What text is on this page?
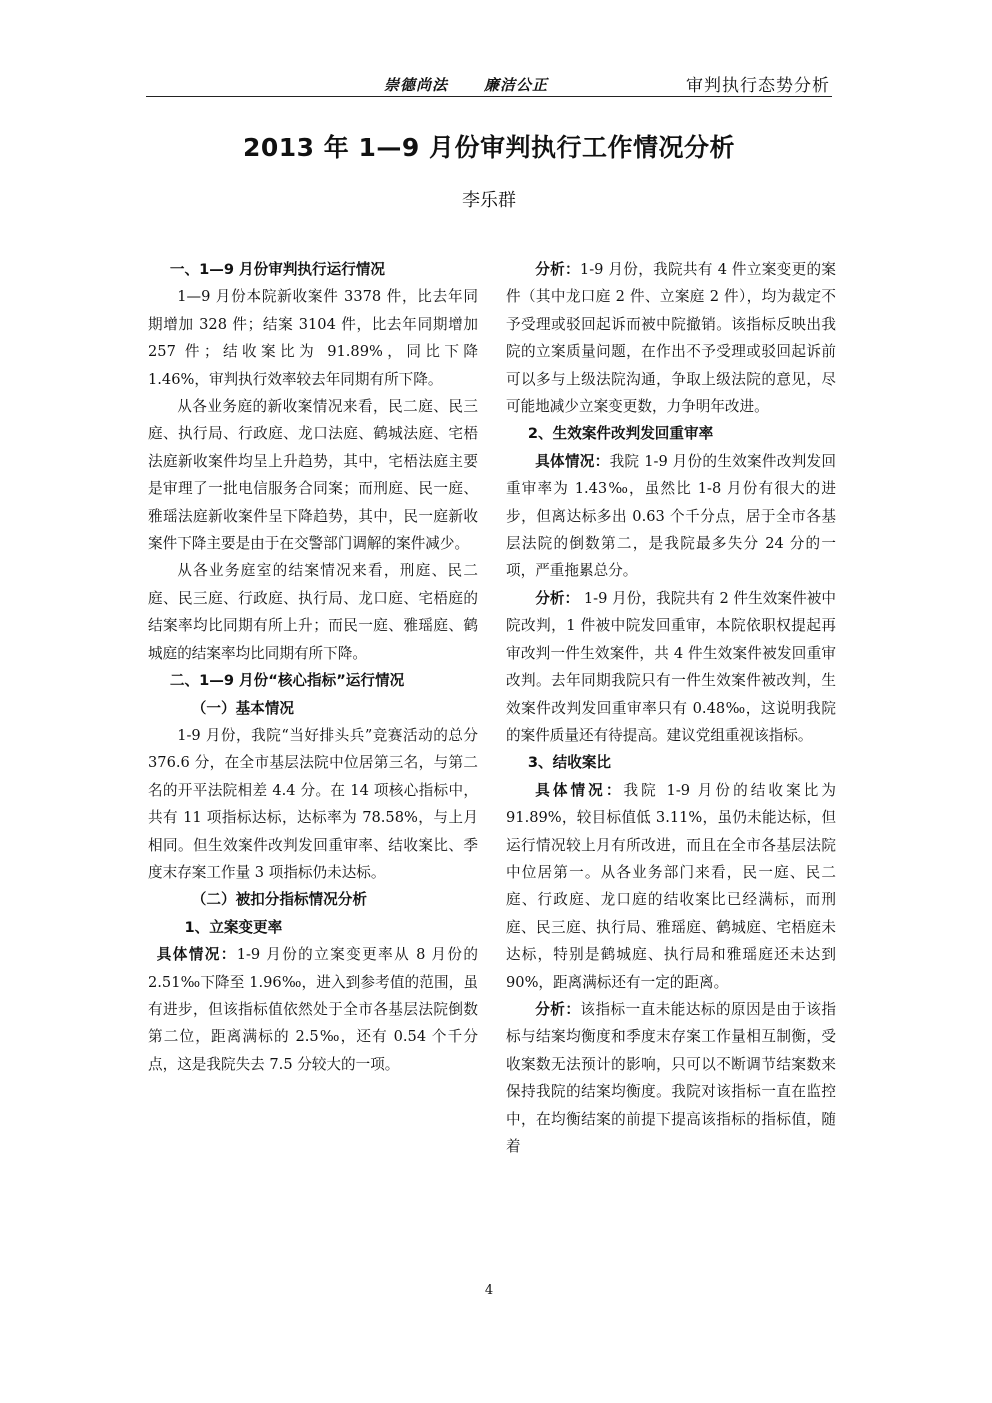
崇德尚法 廉洁公正	审判执行态势分析
2013 年 1—9 月份审判执行工作情况分析
李乐群

一、1—9 月份审判执行运行情况

1—9 月份本院新收案件 3378 件，比去年同期增加 328 件；结案 3104 件，比去年同期增加 257 件；结收案比为 91.89%，同比下降 1.46%，审判执行效率较去年同期有所下降。

从各业务庭的新收案情况来看，民二庭、民三庭、执行局、行政庭、龙口法庭、鹤城法庭、宅梧法庭新收案件均呈上升趋势，其中，宅梧法庭主要是审理了一批电信服务合同案；而刑庭、民一庭、雅瑶法庭新收案件呈下降趋势，其中，民一庭新收案件下降主要是由于在交警部门调解的案件减少。

从各业务庭室的结案情况来看，刑庭、民二庭、民三庭、行政庭、执行局、龙口庭、宅梧庭的结案率均比同期有所上升；而民一庭、雅瑶庭、鹤城庭的结案率均比同期有所下降。

二、1—9 月份“核心指标”运行情况

（一）基本情况

1-9 月份，我院“当好排头兵”竞赛活动的总分 376.6 分，在全市基层法院中位居第三名，与第二名的开平法院相差 4.4 分。在 14 项核心指标中，共有 11 项指标达标，达标率为 78.58%，与上月相同。但生效案件改判发回重审率、结收案比、季度末存案工作量 3 项指标仍未达标。

（二）被扣分指标情况分析

1、立案变更率

具体情况：1-9 月份的立案变更率从 8 月份的 2.51‰下降至 1.96‰，进入到参考值的范围，虽有进步，但该指标值依然处于全市各基层法院倒数第二位，距离满标的 2.5‰，还有 0.54 个千分点，这是我院失去 7.5 分较大的一项。

分析：1-9 月份，我院共有 4 件立案变更的案件（其中龙口庭 2 件、立案庭 2 件），均为裁定不予受理或驳回起诉而被中院撤销。该指标反映出我院的立案质量问题，在作出不予受理或驳回起诉前可以多与上级法院沟通，争取上级法院的意见，尽可能地减少立案变更数，力争明年改进。

2、生效案件改判发回重审率

具体情况：我院 1-9 月份的生效案件改判发回重审率为 1.43‰，虽然比 1-8 月份有很大的进步，但离达标多出 0.63 个千分点，居于全市各基层法院的倒数第二，是我院最多失分 24 分的一项，严重拖累总分。

分析： 1-9 月份，我院共有 2 件生效案件被中院改判，1 件被中院发回重审，本院依职权提起再审改判一件生效案件，共 4 件生效案件被发回重审改判。去年同期我院只有一件生效案件被改判，生效案件改判发回重审率只有 0.48‰，这说明我院的案件质量还有待提高。建议党组重视该指标。

3、结收案比

具体情况：我院 1-9 月份的结收案比为 91.89%，较目标值低 3.11%，虽仍未能达标，但运行情况较上月有所改进，而且在全市各基层法院中位居第一。从各业务部门来看，民一庭、民二庭、行政庭、龙口庭的结收案比已经满标，而刑庭、民三庭、执行局、雅瑶庭、鹤城庭、宅梧庭未达标，特别是鹤城庭、执行局和雅瑶庭还未达到 90%，距离满标还有一定的距离。

分析：该指标一直未能达标的原因是由于该指标与结案均衡度和季度末存案工作量相互制衡，受收案数无法预计的影响，只可以不断调节结案数来保持我院的结案均衡度。我院对该指标一直在监控中，在均衡结案的前提下提高该指标的指标值，随着

4
